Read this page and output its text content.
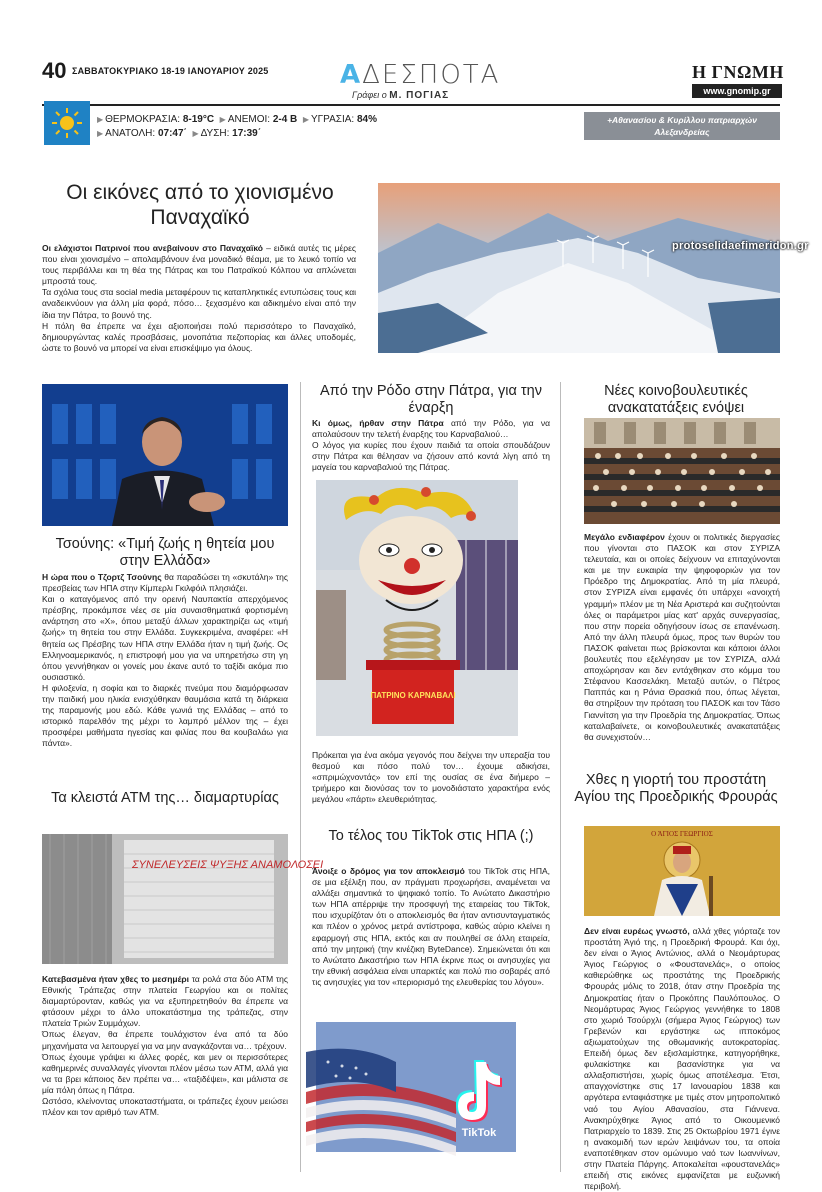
40 ΣΑΒΒΑΤΟΚΥΡΙΑΚΟ 18-19 ΙΑΝΟΥΑΡΙΟΥ 2025	ΑΔΕΣΠΟΤΑ
Γράφει ο Μ. ΠΟΓΙΑΣ
Η ΓΝΩΜΗ
www.gnomip.gr
▶ ΘΕΡΜΟΚΡΑΣΙΑ: 8-19°C ▶ ΑΝΕΜΟΙ: 2-4 Β ▶ ΥΓΡΑΣΙΑ: 84%
▶ ΑΝΑΤΟΛΗ: 07:47΄ ▶ ΔΥΣΗ: 17:39΄
+Αθανασίου & Κυρίλλου πατριαρχών Αλεξανδρείας
Οι εικόνες από το χιονισμένο Παναχαϊκό

Οι ελάχιστοι Πατρινοί που ανεβαίνουν στο Παναχαϊκό – ειδικά αυτές τις μέρες που είναι χιονισμένο – απολαμβάνουν ένα μοναδικό θέαμα, με το λευκό τοπίο να τους περιβάλλει και τη θέα της Πάτρας και του Πατραϊκού Κόλπου να απλώνεται μπροστά τους.

Τα σχόλια τους στα social media μεταφέρουν τις καταπληκτικές εντυπώσεις τους και αναδεικνύουν για άλλη μία φορά, πόσο… ξεχασμένο και αδικημένο είναι από την ίδια την Πάτρα, το βουνό της.

Η πόλη θα έπρεπε να έχει αξιοποιήσει πολύ περισσότερο το Παναχαϊκό, δημιουργώντας καλές προσβάσεις, μονοπάτια πεζοπορίας και άλλες υποδομές, ώστε το βουνό να μπορεί να είναι επισκέψιμο για όλους.

protoselidaefimeridon.gr
Τσούνης: «Τιμή ζωής η θητεία μου στην Ελλάδα»

Η ώρα που ο Τζορτζ Τσούνης θα παραδώσει τη «σκυτάλη» της πρεσβείας των ΗΠΑ στην Κίμπερλι Γκιλφόιλ πλησιάζει.

Και ο καταγόμενος από την ορεινή Ναυπακτία απερχόμενος πρέσβης, προκάμπσε νέες σε μία συναισθηματικά φορτισμένη ανάρτηση στο «Χ», όπου μεταξύ άλλων χαρακτηρίζει ως «τιμή ζωής» τη θητεία του στην Ελλάδα. Συγκεκριμένα, αναφέρει: «Η θητεία ως Πρέσβης των ΗΠΑ στην Ελλάδα ήταν η τιμή ζωής. Ος Ελληνοαμερικανός, η επιστροφή μου για να υπηρετήσω στη γη όπου γεννήθηκαν οι γονείς μου έκανε αυτό το ταξίδι ακόμα πιο ουσιαστικό.

Η φιλοξενία, η σοφία και το διαρκές πνεύμα που διαμόρφωσαν την παιδική μου ηλικία ενισχύθηκαν θαυμάσια κατά τη διάρκεια της παραμονής μου εδώ. Κάθε γωνιά της Ελλάδας – από το ιστορικό παρελθόν της μέχρι το λαμπρό μέλλον της – έχει προσφέρει μαθήματα ηγεσίας και φιλίας που θα κουβαλάω για πάντα».

Τα κλειστά ΑΤΜ της… διαμαρτυρίας
ΣΥΝΕΛΕΥΣΕΙΣ ΨΥΞΗΣ ΑΝΑΜΟΛΟΣΕΙ

Κατεβασμένα ήταν χθες το μεσημέρι τα ρολά στα δύο ΑΤΜ της Εθνικής Τράπεζας στην πλατεία Γεωργίου και οι πολίτες διαμαρτύρονταν, καθώς για να εξυπηρετηθούν θα έπρεπε να φτάσουν μέχρι το άλλο υποκατάστημα της τράπεζας, στην πλατεία Τριών Συμμάχων.

Όπως έλεγαν, θα έπρεπε τουλάχιστον ένα από τα δύο μηχανήματα να λειτουργεί για να μην αναγκάζονται να… τρέχουν.

Όπως έχουμε γράψει κι άλλες φορές, και μεν οι περισσότερες καθημερινές συναλλαγές γίνονται πλέον μέσω των ΑΤΜ, αλλά για να τα βρει κάποιος δεν πρέπει να… «ταξιδέψει», και μάλιστα σε μία πόλη όπως η Πάτρα.

Ωστόσο, κλείνοντας υποκαταστήματα, οι τράπεζες έχουν μειώσει πλέον και τον αριθμό των ΑΤΜ.

Από την Ρόδο στην Πάτρα, για την έναρξη

Κι όμως, ήρθαν στην Πάτρα από την Ρόδο, για να απολαύσουν την τελετή έναρξης του Καρναβαλιού…

Ο λόγος για κυρίες που έχουν παιδιά τα οποία σπουδάζουν στην Πάτρα και θέλησαν να ζήσουν από κοντά λίγη από τη μαγεία του καρναβαλιού της Πάτρας.

ΠΑΤΡΙΝΟ ΚΑΡΝΑΒΑΛΙ
Πρόκειται για ένα ακόμα γεγονός που δείχνει την υπεραξία του θεσμού και πόσο πολύ τον… έχουμε αδικήσει, «σπριμώχνοντάς» τον επί της ουσίας σε ένα διήμερο – τριήμερο και διονύσας τον το μονοδιάστατο χαρακτήρα ενός μεγάλου «πάρτι» ελευθεριότητας.
Το τέλος του TikTok στις ΗΠΑ (;)

Άνοιξε ο δρόμος για τον αποκλεισμό του TikTok στις ΗΠΑ, σε μια εξέλιξη που, αν πράγματι προχωρήσει, αναμένεται να αλλάξει σημαντικά το ψηφιακό τοπίο. Το Ανώτατο Δικαστήριο των ΗΠΑ απέρριψε την προσφυγή της εταιρείας του TikTok, που ισχυρίζόταν ότι ο αποκλεισμός θα ήταν αντισυνταγματικός και πλέον ο χρόνος μετρά αντίστροφα, καθώς αύριο κλείνει η εφαρμογή στις ΗΠΑ, εκτός και αν πουληθεί σε άλλη εταιρεία, από την μητρική (την κινέζικη ByteDance). Σημειώνεται ότι και το Ανώτατο Δικαστήριο των ΗΠΑ έκρινε πως οι ανησυχίες για την εθνική ασφάλεια είναι υπαρκτές και πολύ πιο σοβαρές από τις ανησυχίες για τον «περιορισμό της ελευθερίας του λόγου».

TikTok
Νέες κοινοβουλευτικές ανακατατάξεις ενόψει

Μεγάλο ενδιαφέρον έχουν οι πολιτικές διεργασίες που γίνονται στο ΠΑΣΟΚ και στον ΣΥΡΙΖΑ τελευταία, και οι οποίες δείχνουν να επιταχύνονται και με την ευκαιρία την ψηφοφοριών για τον Πρόεδρο της Δημοκρατίας. Από τη μία πλευρά, στον ΣΥΡΙΖΑ είναι εμφανές ότι υπάρχει «ανοιχτή γραμμή» πλέον με τη Νέα Αριστερά και συζητούνται όλες οι παράμετροι μίας κατ' αρχάς συνεργασίας, που στην πορεία οδηγήσουν ίσως σε επανένωση. Από την άλλη πλευρά όμως, προς των θυρών του ΠΑΣΟΚ φαίνεται πως βρίσκονται και κάποιοι άλλοι βουλευτές που εξελέγησαν με τον ΣΥΡΙΖΑ, αλλά αποχώρησαν και δεν εντάχθηκαν στο κόμμα του Στέφανου Κασσελάκη. Μεταξύ αυτών, ο Πέτρος Παππάς και η Ράνια Θρασκιά που, όπως λέγεται, θα στηρίξουν την πρόταση του ΠΑΣΟΚ και τον Τάσο Γιαννίτση για την Προεδρία της Δημοκρατίας. Όπως καταλαβαίνετε, οι κοινοβουλευτικές ανακατατάξεις θα συνεχιστούν…

Χθες η γιορτή του προστάτη Αγίου της Προεδρικής Φρουράς
Ο ΆΓΙΟΣ ΓΕΩΡΓΙΟΣ

Δεν είναι ευρέως γνωστό, αλλά χθες γιόρταζε τον προστάτη Άγιό της, η Προεδρική Φρουρά. Και όχι, δεν είναι ο Άγιος Αντώνιος, αλλά ο Νεομάρτυρας Άγιος Γεώργιος ο «Φουστανελάς», ο οποίος καθιερώθηκε ως προστάτης της Προεδρικής Φρουράς μόλις το 2018, όταν στην Προεδρία της Δημοκρατίας ήταν ο Προκόπης Παυλόπουλος. Ο Νεομάρτυρας Άγιος Γεώργιος γεννήθηκε το 1808 στο χωριό Τσούρχλι (σήμερα Άγιος Γεώργιος) των Γρεβενών και εργάστηκε ως ιπποκόμος αξιωματούχων της οθωμανικής αυτοκρατορίας. Επειδή όμως δεν εξισλαμίστηκε, κατηγορήθηκε, φυλακίστηκε και βασανίστηκε για να αλλαξοπιστήσει, χωρίς όμως αποτέλεσμα. Έτσι, απαγχονίστηκε στις 17 Ιανουαρίου 1838 και αργότερα ενταφιάστηκε με τιμές στον μητροπολιτικό ναό του Αγίου Αθανασίου, στα Γιάννενα. Ανακηρύχθηκε Άγιος από το Οικουμενικό Πατριαρχείο το 1839. Στις 25 Οκτωβρίου 1971 έγινε η ανακομιδή των ιερών λειψάνων του, τα οποία εναποτέθηκαν στον ομώνυμο ναό των Ιωαννίνων, στην Πλατεία Πάργης. Αποκαλείται «φουστανελάς» επειδή στις εικόνες εμφανίζεται με ευζωνική περιβολή.
